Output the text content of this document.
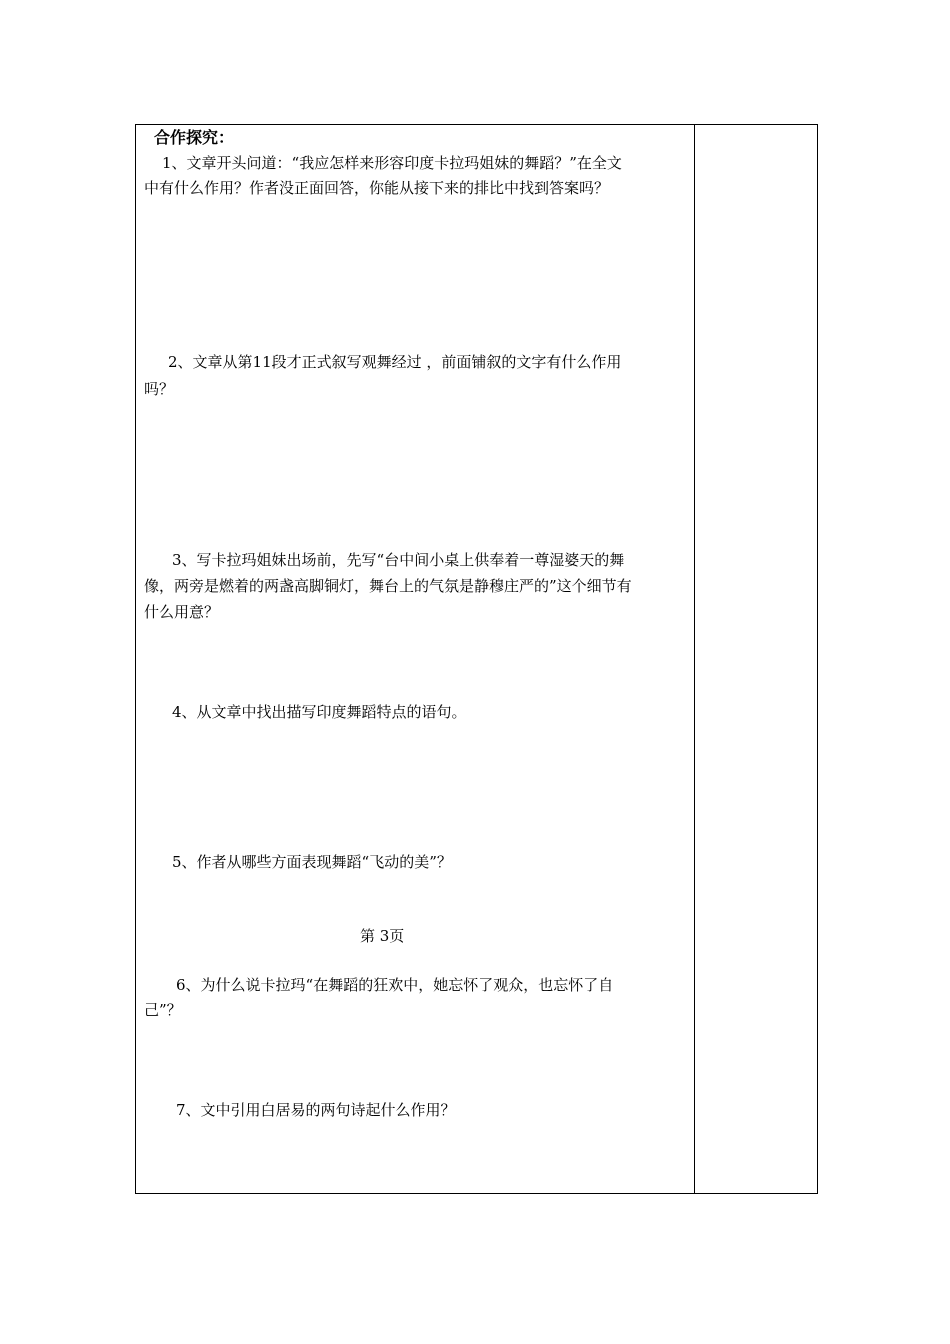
合作探究：
1、文章开头问道：“我应怎样来形容印度卡拉玛姐妹的舞蹈？”在全文
中有什么作用？作者没正面回答，你能从接下来的排比中找到答案吗？
2、文章从第11段才正式叙写观舞经过 ，前面铺叙的文字有什么作用
吗？
3、写卡拉玛姐妹出场前，先写“台中间小桌上供奉着一尊湿婆天的舞
像，两旁是燃着的两盏高脚铜灯，舞台上的气氛是静穆庄严的”这个细节有
什么用意？
4、从文章中找出描写印度舞蹈特点的语句。
5、作者从哪些方面表现舞蹈“飞动的美”？
第 3页
6、为什么说卡拉玛“在舞蹈的狂欢中，她忘怀了观众，也忘怀了自
己”？
7、文中引用白居易的两句诗起什么作用？
